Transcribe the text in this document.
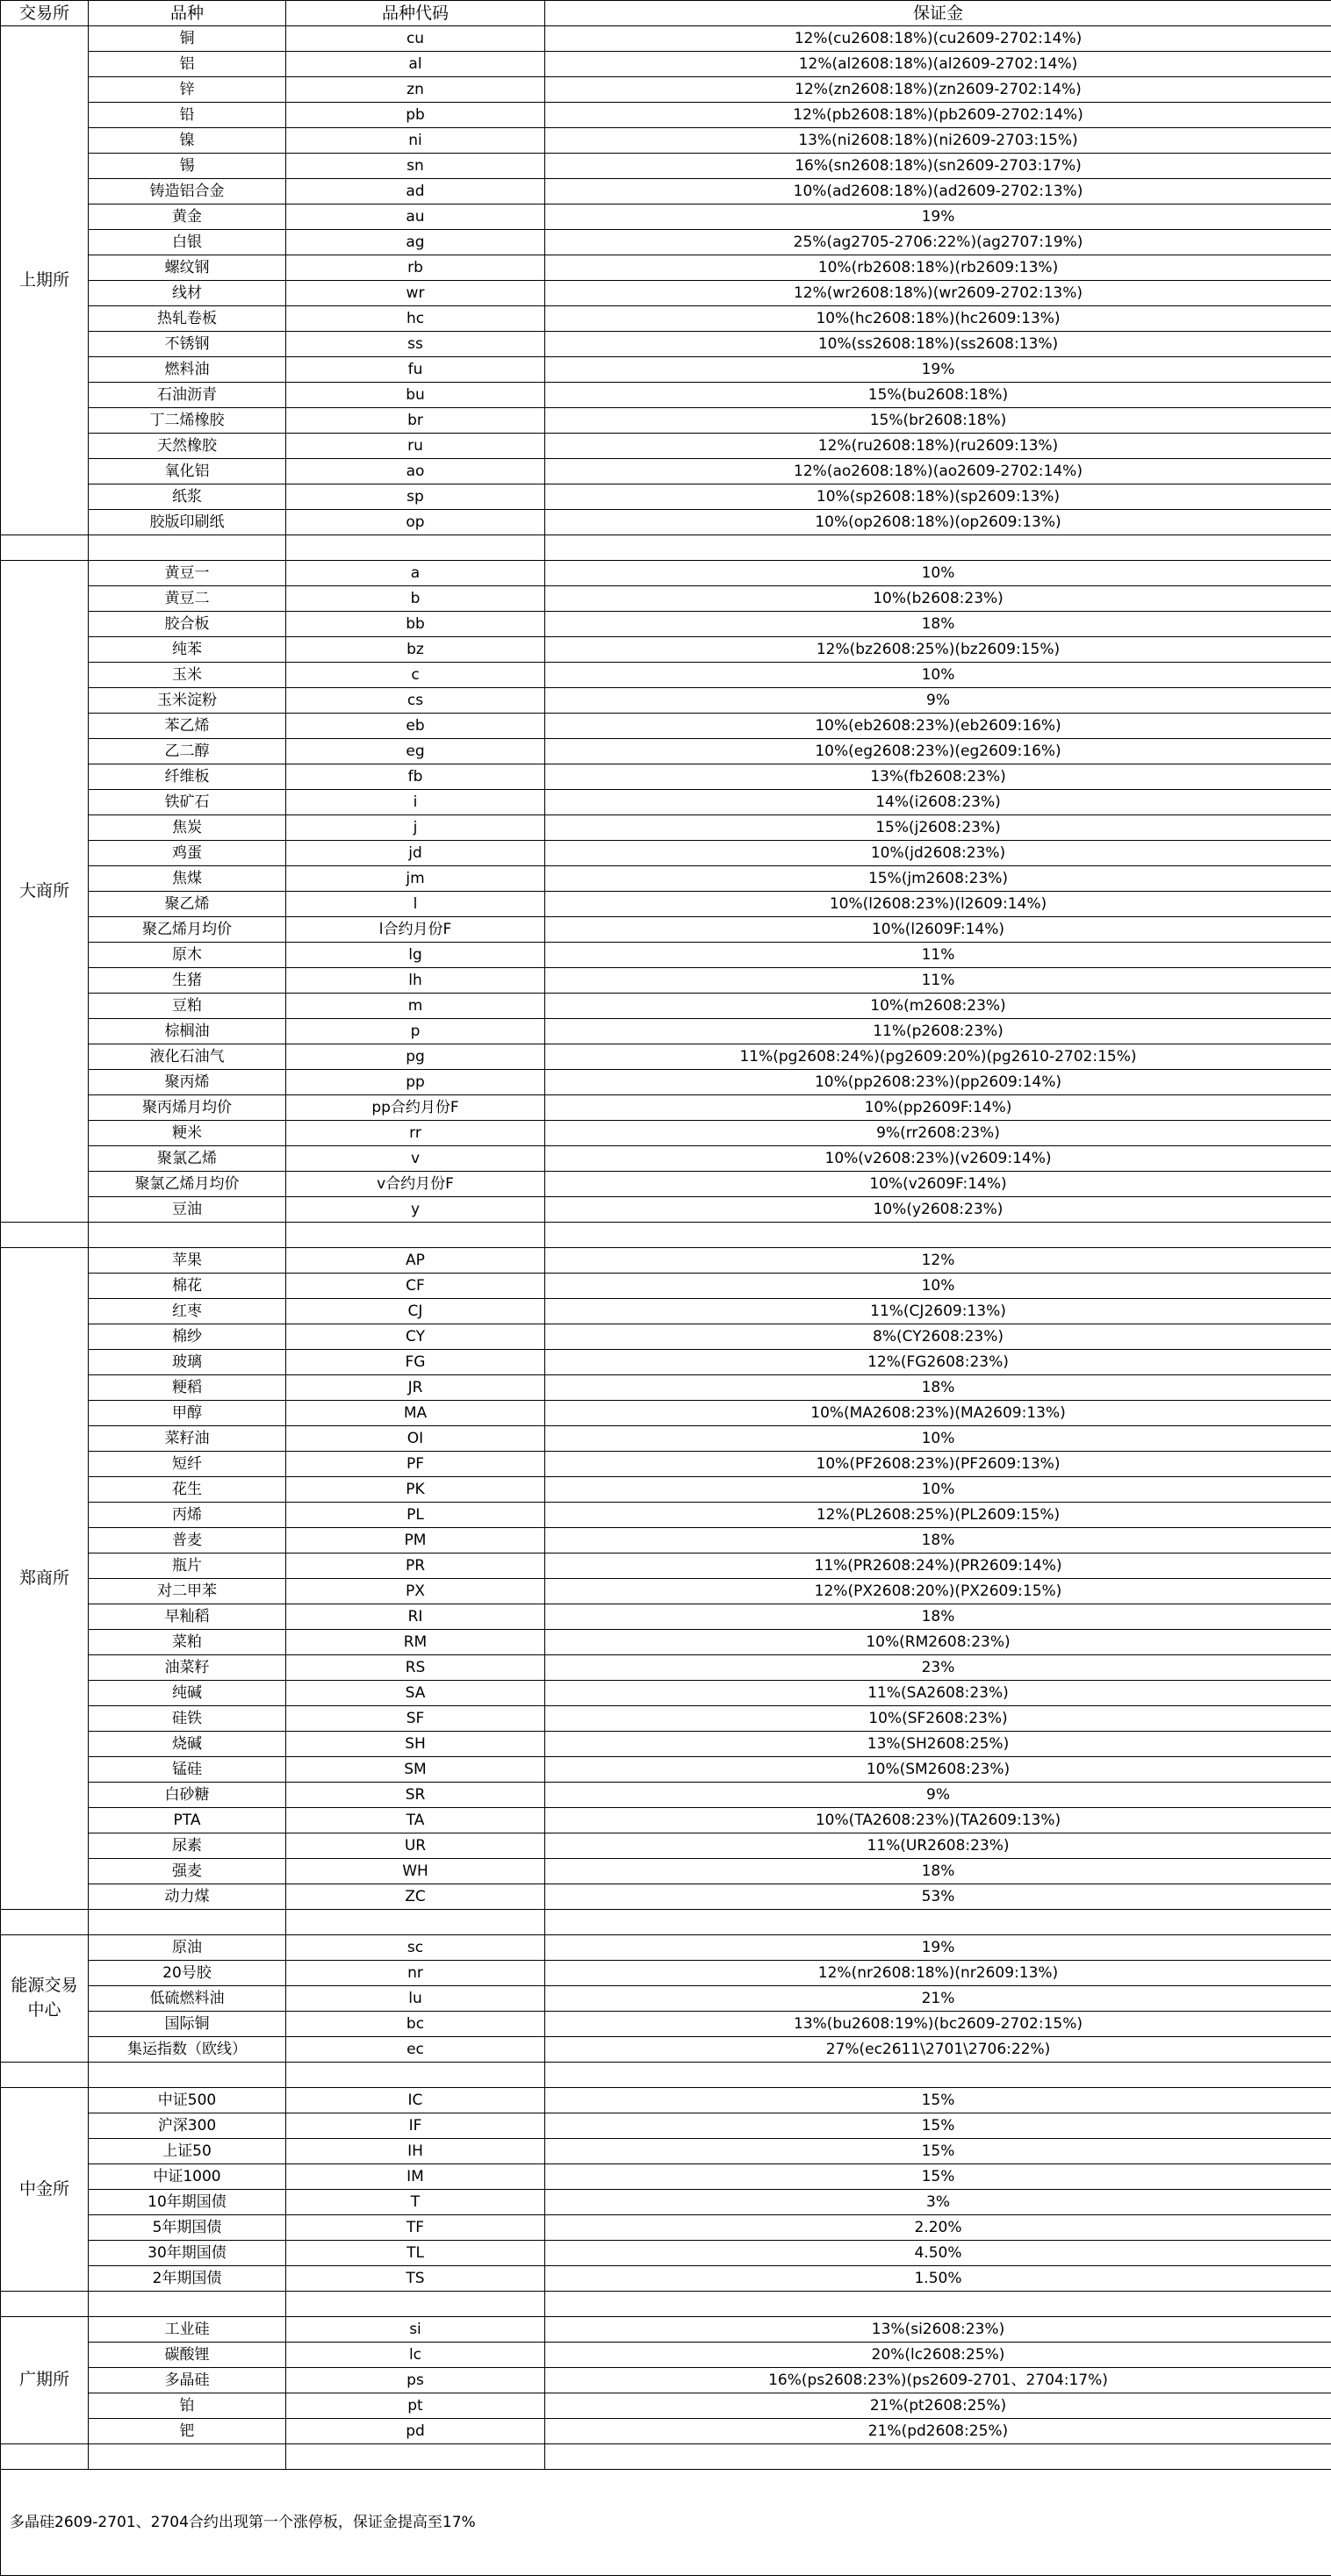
交易所	品种	品种代码	保证金
上期所	铜	cu	12%(cu2608:18%)(cu2609-2702:14%)
	铝	al	12%(al2608:18%)(al2609-2702:14%)
	锌	zn	12%(zn2608:18%)(zn2609-2702:14%)
	铅	pb	12%(pb2608:18%)(pb2609-2702:14%)
	镍	ni	13%(ni2608:18%)(ni2609-2703:15%)
	锡	sn	16%(sn2608:18%)(sn2609-2703:17%)
	铸造铝合金	ad	10%(ad2608:18%)(ad2609-2702:13%)
	黄金	au	19%
	白银	ag	25%(ag2705-2706:22%)(ag2707:19%)
	螺纹钢	rb	10%(rb2608:18%)(rb2609:13%)
	线材	wr	12%(wr2608:18%)(wr2609-2702:13%)
	热轧卷板	hc	10%(hc2608:18%)(hc2609:13%)
	不锈钢	ss	10%(ss2608:18%)(ss2608:13%)
	燃料油	fu	19%
	石油沥青	bu	15%(bu2608:18%)
	丁二烯橡胶	br	15%(br2608:18%)
	天然橡胶	ru	12%(ru2608:18%)(ru2609:13%)
	氧化铝	ao	12%(ao2608:18%)(ao2609-2702:14%)
	纸浆	sp	10%(sp2608:18%)(sp2609:13%)
	胶版印刷纸	op	10%(op2608:18%)(op2609:13%)

大商所	黄豆一	a	10%
	黄豆二	b	10%(b2608:23%)
	胶合板	bb	18%
	纯苯	bz	12%(bz2608:25%)(bz2609:15%)
	玉米	c	10%
	玉米淀粉	cs	9%
	苯乙烯	eb	10%(eb2608:23%)(eb2609:16%)
	乙二醇	eg	10%(eg2608:23%)(eg2609:16%)
	纤维板	fb	13%(fb2608:23%)
	铁矿石	i	14%(i2608:23%)
	焦炭	j	15%(j2608:23%)
	鸡蛋	jd	10%(jd2608:23%)
	焦煤	jm	15%(jm2608:23%)
	聚乙烯	l	10%(l2608:23%)(l2609:14%)
	聚乙烯月均价	l合约月份F	10%(l2609F:14%)
	原木	lg	11%
	生猪	lh	11%
	豆粕	m	10%(m2608:23%)
	棕榈油	p	11%(p2608:23%)
	液化石油气	pg	11%(pg2608:24%)(pg2609:20%)(pg2610-2702:15%)
	聚丙烯	pp	10%(pp2608:23%)(pp2609:14%)
	聚丙烯月均价	pp合约月份F	10%(pp2609F:14%)
	粳米	rr	9%(rr2608:23%)
	聚氯乙烯	v	10%(v2608:23%)(v2609:14%)
	聚氯乙烯月均价	v合约月份F	10%(v2609F:14%)
	豆油	y	10%(y2608:23%)

郑商所	苹果	AP	12%
	棉花	CF	10%
	红枣	CJ	11%(CJ2609:13%)
	棉纱	CY	8%(CY2608:23%)
	玻璃	FG	12%(FG2608:23%)
	粳稻	JR	18%
	甲醇	MA	10%(MA2608:23%)(MA2609:13%)
	菜籽油	OI	10%
	短纤	PF	10%(PF2608:23%)(PF2609:13%)
	花生	PK	10%
	丙烯	PL	12%(PL2608:25%)(PL2609:15%)
	普麦	PM	18%
	瓶片	PR	11%(PR2608:24%)(PR2609:14%)
	对二甲苯	PX	12%(PX2608:20%)(PX2609:15%)
	早籼稻	RI	18%
	菜粕	RM	10%(RM2608:23%)
	油菜籽	RS	23%
	纯碱	SA	11%(SA2608:23%)
	硅铁	SF	10%(SF2608:23%)
	烧碱	SH	13%(SH2608:25%)
	锰硅	SM	10%(SM2608:23%)
	白砂糖	SR	9%
	PTA	TA	10%(TA2608:23%)(TA2609:13%)
	尿素	UR	11%(UR2608:23%)
	强麦	WH	18%
	动力煤	ZC	53%

能源交易中心	原油	sc	19%
	20号胶	nr	12%(nr2608:18%)(nr2609:13%)
	低硫燃料油	lu	21%
	国际铜	bc	13%(bu2608:19%)(bc2609-2702:15%)
	集运指数（欧线）	ec	27%(ec2611\2701\2706:22%)

中金所	中证500	IC	15%
	沪深300	IF	15%
	上证50	IH	15%
	中证1000	IM	15%
	10年期国债	T	3%
	5年期国债	TF	2.20%
	30年期国债	TL	4.50%
	2年期国债	TS	1.50%

广期所	工业硅	si	13%(si2608:23%)
	碳酸锂	lc	20%(lc2608:25%)
	多晶硅	ps	16%(ps2608:23%)(ps2609-2701、2704:17%)
	铂	pt	21%(pt2608:25%)
	钯	pd	21%(pd2608:25%)

多晶硅2609-2701、2704合约出现第一个涨停板，保证金提高至17%			
